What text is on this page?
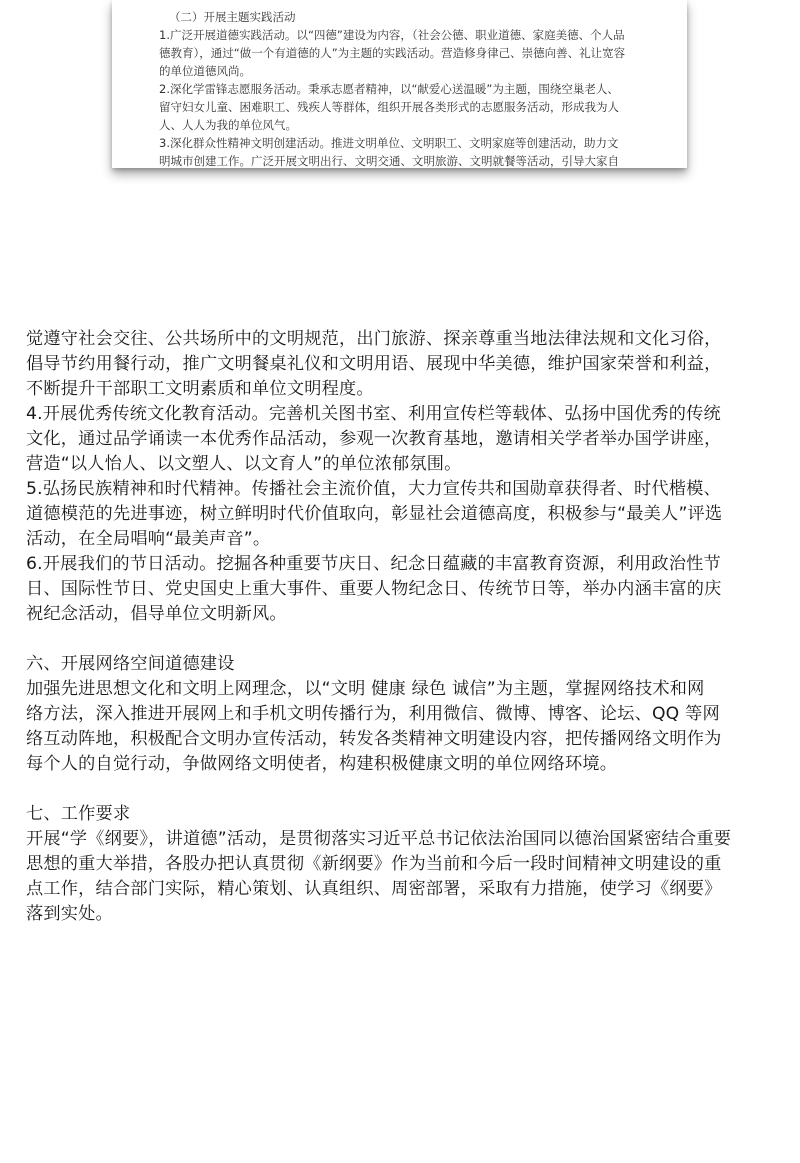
（二）开展主题实践活动

1.广泛开展道德实践活动。以“四德”建设为内容，（社会公德、职业道德、家庭美德、个人品

德教育），通过“做一个有道德的人”为主题的实践活动。营造修身律己、崇德向善、礼让宽容

的单位道德风尚。

2.深化学雷锋志愿服务活动。秉承志愿者精神，以“献爱心送温暖”为主题，围绕空巢老人、

留守妇女儿童、困难职工、残疾人等群体，组织开展各类形式的志愿服务活动，形成我为人

人、人人为我的单位风气。

3.深化群众性精神文明创建活动。推进文明单位、文明职工、文明家庭等创建活动，助力文

明城市创建工作。广泛开展文明出行、文明交通、文明旅游、文明就餐等活动，引导大家自

觉遵守社会交往、公共场所中的文明规范，出门旅游、探亲尊重当地法律法规和文化习俗，

倡导节约用餐行动，推广文明餐桌礼仪和文明用语、展现中华美德，维护国家荣誉和利益，

不断提升干部职工文明素质和单位文明程度。

4.开展优秀传统文化教育活动。完善机关图书室、利用宣传栏等载体、弘扬中国优秀的传统

文化，通过品学诵读一本优秀作品活动，参观一次教育基地，邀请相关学者举办国学讲座，

营造“以人怡人、以文塑人、以文育人”的单位浓郁氛围。

5.弘扬民族精神和时代精神。传播社会主流价值，大力宣传共和国勋章获得者、时代楷模、

道德模范的先进事迹，树立鲜明时代价值取向，彰显社会道德高度，积极参与“最美人”评选

活动，在全局唱响“最美声音”。

6.开展我们的节日活动。挖掘各种重要节庆日、纪念日蕴藏的丰富教育资源，利用政治性节

日、国际性节日、党史国史上重大事件、重要人物纪念日、传统节日等，举办内涵丰富的庆

祝纪念活动，倡导单位文明新风。

六、开展网络空间道德建设

加强先进思想文化和文明上网理念，以“文明 健康 绿色 诚信”为主题，掌握网络技术和网

络方法，深入推进开展网上和手机文明传播行为，利用微信、微博、博客、论坛、QQ 等网

络互动阵地，积极配合文明办宣传活动，转发各类精神文明建设内容，把传播网络文明作为

每个人的自觉行动，争做网络文明使者，构建积极健康文明的单位网络环境。

七、工作要求

开展“学《纲要》，讲道德”活动，是贯彻落实习近平总书记依法治国同以德治国紧密结合重要

思想的重大举措，各股办把认真贯彻《新纲要》作为当前和今后一段时间精神文明建设的重

点工作，结合部门实际，精心策划、认真组织、周密部署，采取有力措施，使学习《纲要》

落到实处。
